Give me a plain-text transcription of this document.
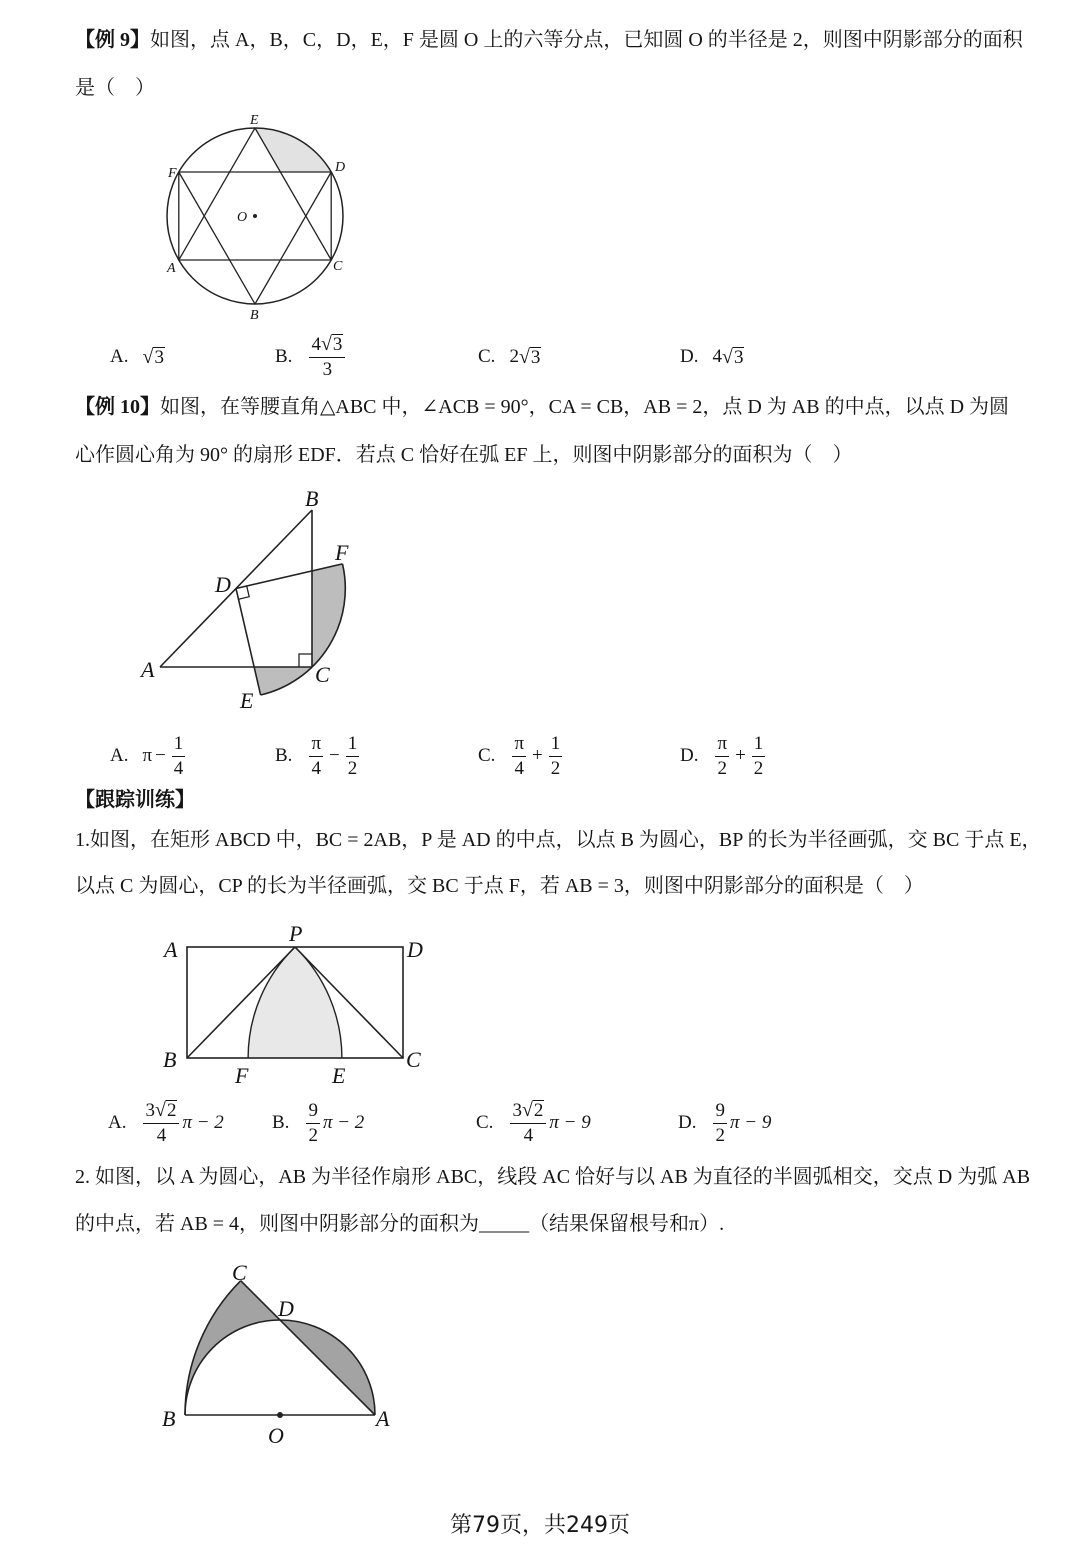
【例 9】如图，点 A，B，C，D，E，F 是圆 O 上的六等分点，已知圆 O 的半径是 2，则图中阴影部分的面积
是（　）
E
D
C
B
A
F
O
A. √ 3	B. $\frac{4 √ 3}{3}$	C. 2 √ 3	D. 4 √ 3
【例 10】如图，在等腰直角△ABC 中，∠ACB = 90°，CA = CB，AB = 2，点 D 为 AB 的中点，以点 D 为圆
心作圆心角为 90° 的扇形 EDF．若点 C 恰好在弧 EF 上，则图中阴影部分的面积为（　）
B
F
D
A	C
E
A. $\pi - \frac{1}{4}$	B. $\frac{\pi}{4} - \frac{1}{2}$	C. $\frac{\pi}{4} + \frac{1}{2}$	D. $\frac{\pi}{2} + \frac{1}{2}$
【跟踪训练】
1.如图，在矩形 ABCD 中，BC = 2AB，P 是 AD 的中点，以点 B 为圆心，BP 的长为半径画弧，交 BC 于点 E，
以点 C 为圆心，CP 的长为半径画弧，交 BC 于点 F，若 AB = 3，则图中阴影部分的面积是（　）
A
P
D
B	C
F	E
A. $\frac{3 √ 2}{4}$ π − 2	B. $\frac{9}{2}$ π − 2	C. $\frac{3 √ 2}{4}$ π − 9	D. $\frac{9}{2}$ π − 9
2. 如图，以 A 为圆心，AB 为半径作扇形 ABC，线段 AC 恰好与以 AB 为直径的半圆弧相交，交点 D 为弧 AB
的中点，若 AB = 4，则图中阴影部分的面积为_____（结果保留根号和π）.
C
D
B
O
A
第79页，共249页
